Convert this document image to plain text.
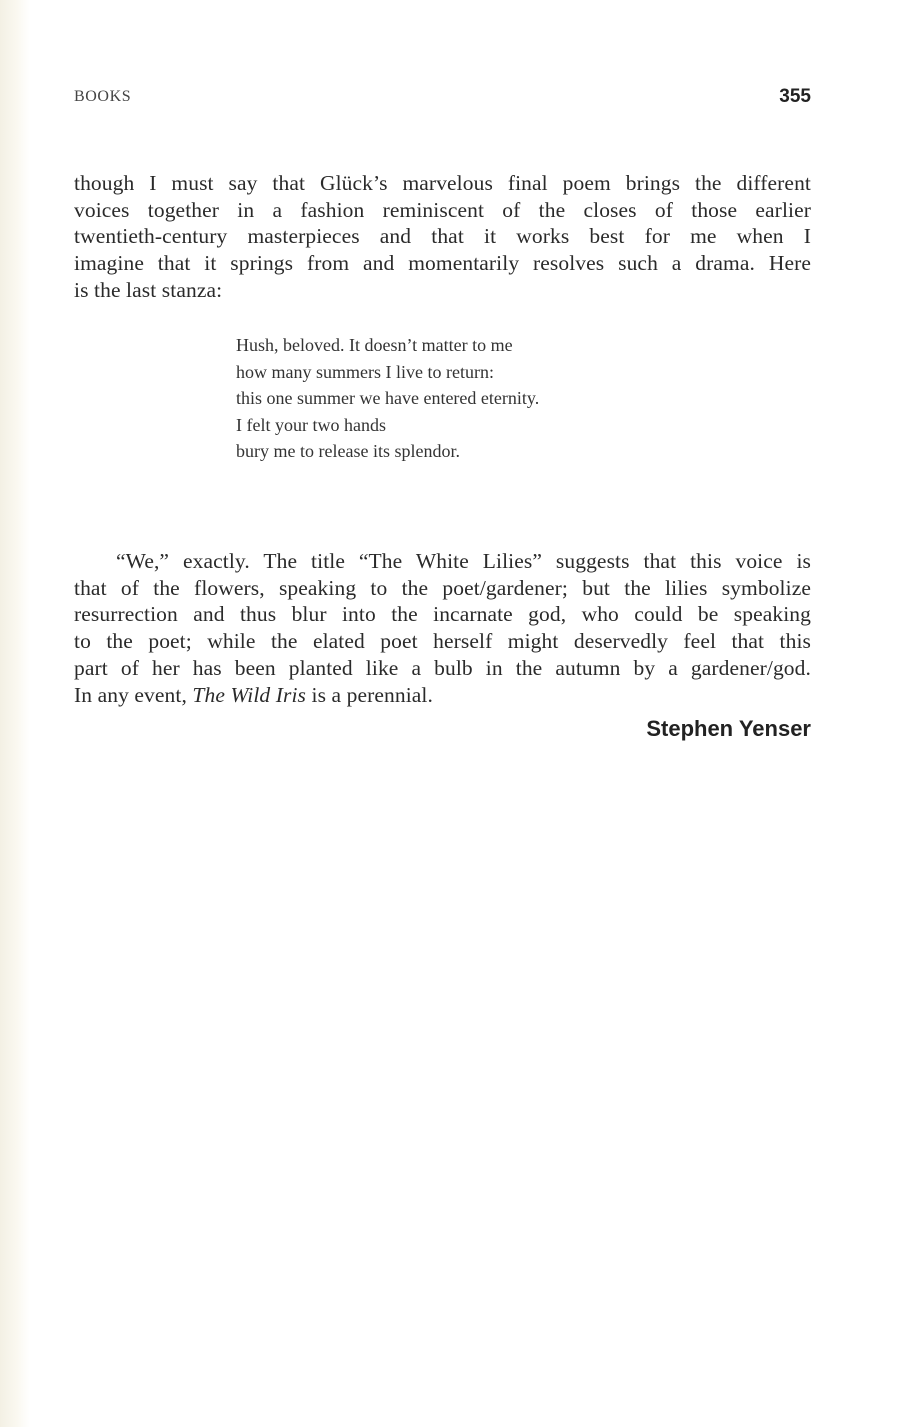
BOOKS	355

though I must say that Glück’s marvelous final poem brings the different
voices together in a fashion reminiscent of the closes of those earlier
twentieth-century masterpieces and that it works best for me when I
imagine that it springs from and momentarily resolves such a drama. Here
is the last stanza:

Hush, beloved. It doesn’t matter to me
how many summers I live to return:
this one summer we have entered eternity.
I felt your two hands
bury me to release its splendor.

“We,” exactly. The title “The White Lilies” suggests that this voice is
that of the flowers, speaking to the poet/gardener; but the lilies symbolize
resurrection and thus blur into the incarnate god, who could be speaking
to the poet; while the elated poet herself might deservedly feel that this
part of her has been planted like a bulb in the autumn by a gardener/god.
In any event, The Wild Iris is a perennial.

Stephen Yenser
